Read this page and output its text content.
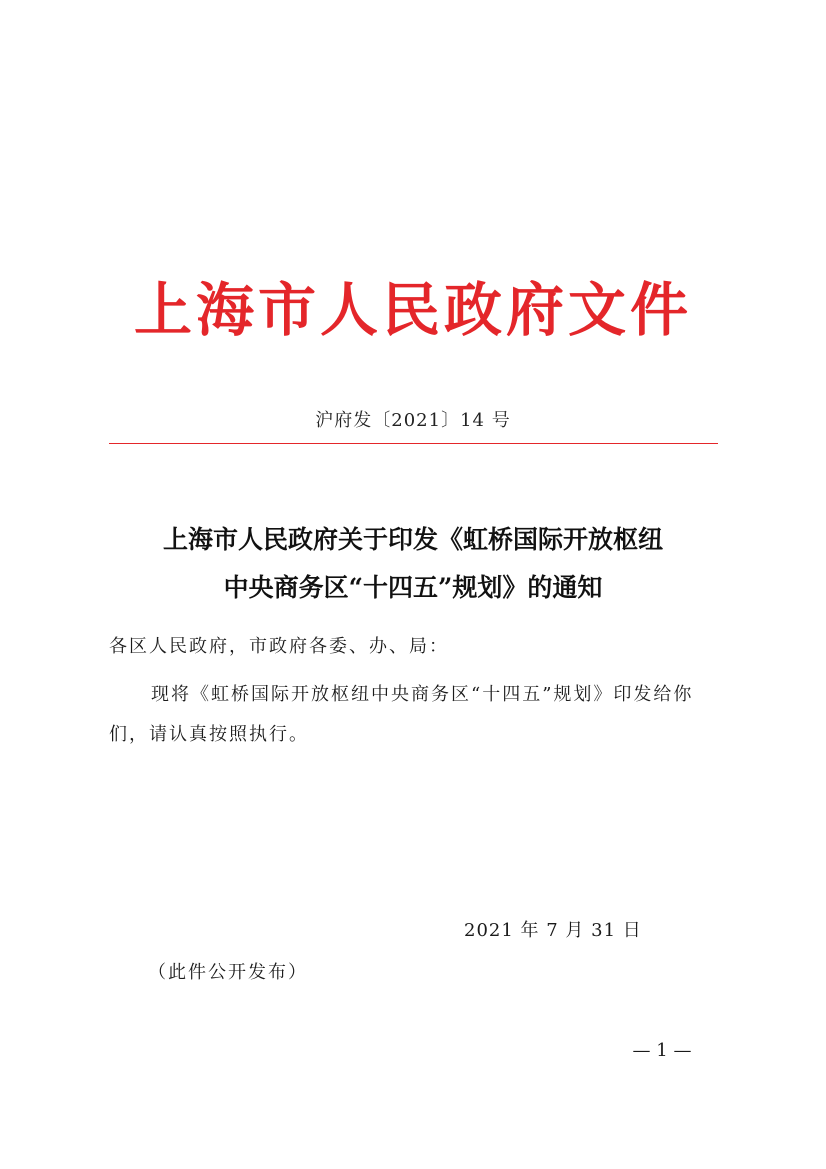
上海市人民政府文件
沪府发〔2021〕14 号
上海市人民政府关于印发《虹桥国际开放枢纽
中央商务区“十四五”规划》的通知
各区人民政府，市政府各委、办、局：
现将《虹桥国际开放枢纽中央商务区“十四五”规划》印发给你们，请认真按照执行。
2021 年 7 月 31 日
（此件公开发布）
— 1 —
